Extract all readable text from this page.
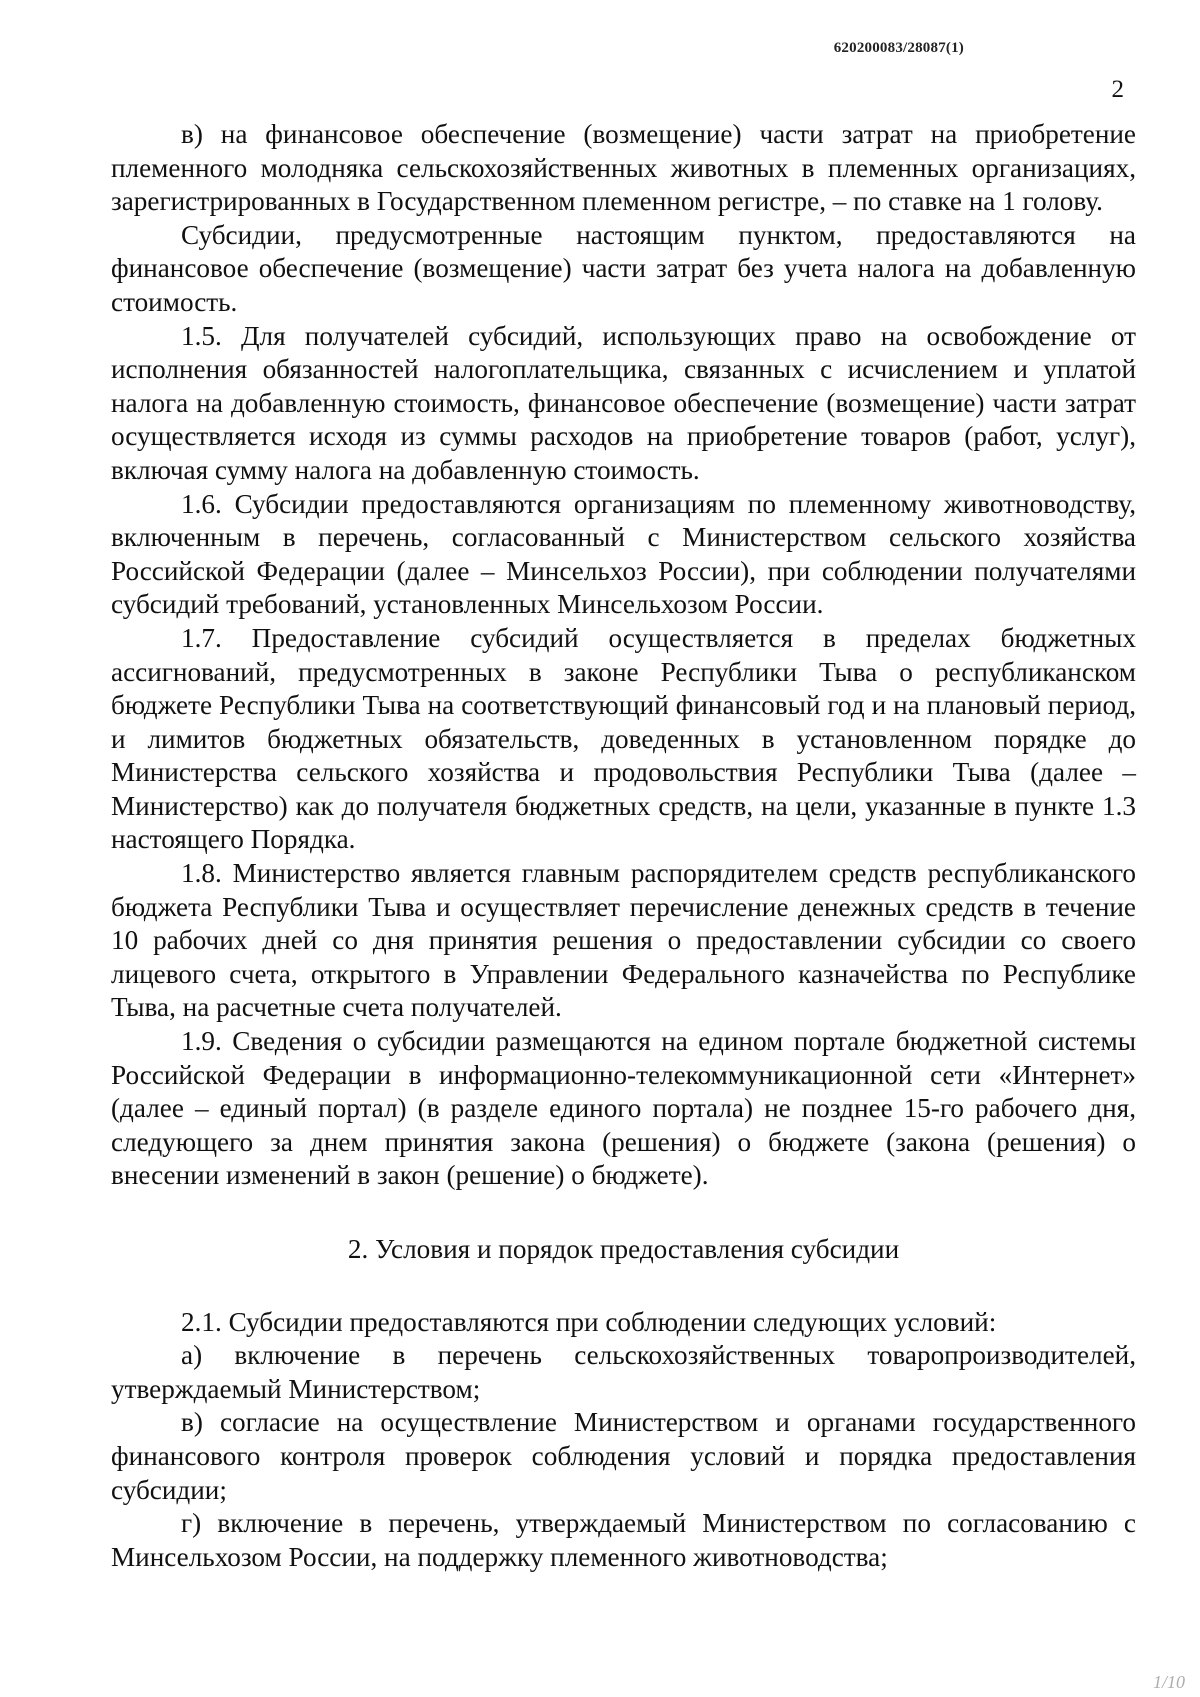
620200083/28087(1)
2

в) на финансовое обеспечение (возмещение) части затрат на приобретение племенного молодняка сельскохозяйственных животных в племенных организациях, зарегистрированных в Государственном племенном регистре, – по ставке на 1 голову.

Субсидии, предусмотренные настоящим пунктом, предоставляются на финансовое обеспечение (возмещение) части затрат без учета налога на добавленную стоимость.

1.5. Для получателей субсидий, использующих право на освобождение от исполнения обязанностей налогоплательщика, связанных с исчислением и уплатой налога на добавленную стоимость, финансовое обеспечение (возмещение) части затрат осуществляется исходя из суммы расходов на приобретение товаров (работ, услуг), включая сумму налога на добавленную стоимость.

1.6. Субсидии предоставляются организациям по племенному животноводству, включенным в перечень, согласованный с Министерством сельского хозяйства Российской Федерации (далее – Минсельхоз России), при соблюдении получателями субсидий требований, установленных Минсельхозом России.

1.7. Предоставление субсидий осуществляется в пределах бюджетных ассигнований, предусмотренных в законе Республики Тыва о республиканском бюджете Республики Тыва на соответствующий финансовый год и на плановый период, и лимитов бюджетных обязательств, доведенных в установленном порядке до Министерства сельского хозяйства и продовольствия Республики Тыва (далее – Министерство) как до получателя бюджетных средств, на цели, указанные в пункте 1.3 настоящего Порядка.

1.8. Министерство является главным распорядителем средств республиканского бюджета Республики Тыва и осуществляет перечисление денежных средств в течение 10 рабочих дней со дня принятия решения о предоставлении субсидии со своего лицевого счета, открытого в Управлении Федерального казначейства по Республике Тыва, на расчетные счета получателей.

1.9. Сведения о субсидии размещаются на едином портале бюджетной системы Российской Федерации в информационно-телекоммуникационной сети «Интернет» (далее – единый портал) (в разделе единого портала) не позднее 15-го рабочего дня, следующего за днем принятия закона (решения) о бюджете (закона (решения) о внесении изменений в закон (решение) о бюджете).

2. Условия и порядок предоставления субсидии

2.1. Субсидии предоставляются при соблюдении следующих условий:

а) включение в перечень сельскохозяйственных товаропроизводителей, утверждаемый Министерством;

в) согласие на осуществление Министерством и органами государственного финансового контроля проверок соблюдения условий и порядка предоставления субсидии;

г) включение в перечень, утверждаемый Министерством по согласованию с Минсельхозом России, на поддержку племенного животноводства;

1/10
